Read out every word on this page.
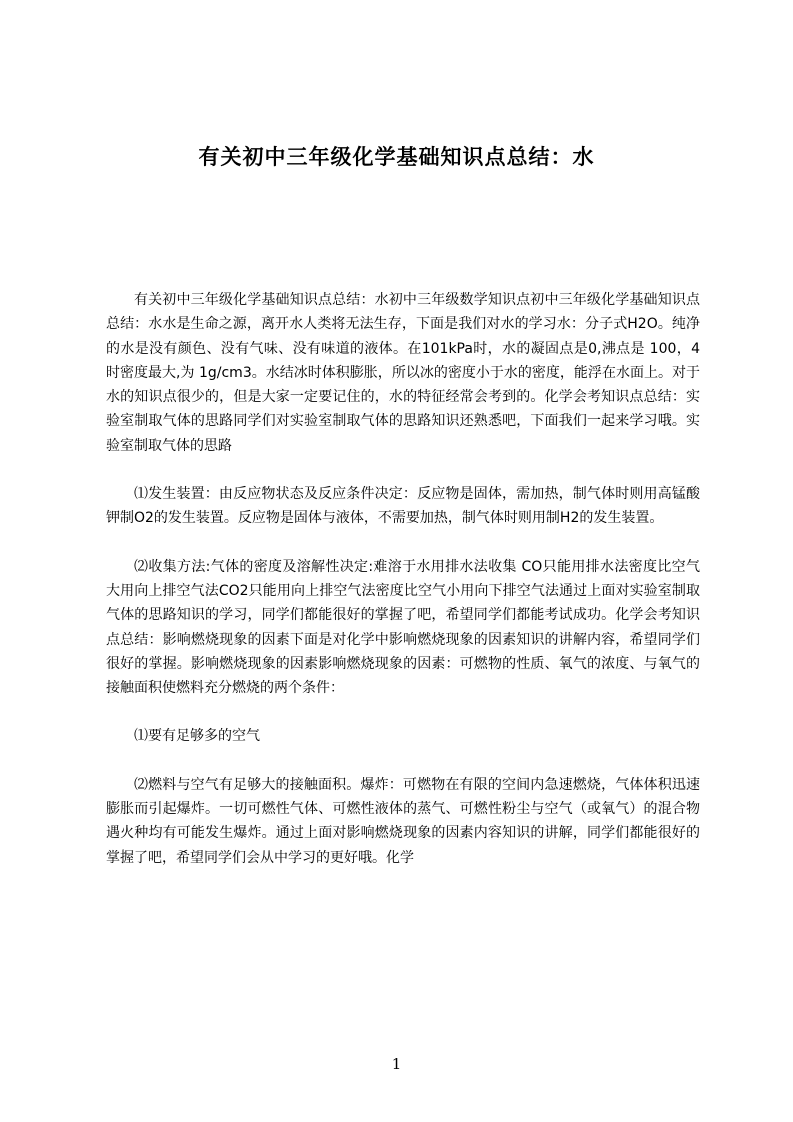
有关初中三年级化学基础知识点总结：水

有关初中三年级化学基础知识点总结：水初中三年级数学知识点初中三年级化学基础知识点总结：水水是生命之源，离开水人类将无法生存，下面是我们对水的学习水：分子式H2O。纯净的水是没有颜色、没有气味、没有味道的液体。在101kPa时，水的凝固点是0,沸点是 100，4时密度最大,为 1g/cm3。水结冰时体积膨胀，所以冰的密度小于水的密度，能浮在水面上。对于水的知识点很少的，但是大家一定要记住的，水的特征经常会考到的。化学会考知识点总结：实验室制取气体的思路同学们对实验室制取气体的思路知识还熟悉吧，下面我们一起来学习哦。实验室制取气体的思路

⑴发生装置：由反应物状态及反应条件决定：反应物是固体，需加热，制气体时则用高锰酸钾制O2的发生装置。反应物是固体与液体，不需要加热，制气体时则用制H2的发生装置。

⑵收集方法:气体的密度及溶解性决定:难溶于水用排水法收集 CO只能用排水法密度比空气大用向上排空气法CO2只能用向上排空气法密度比空气小用向下排空气法通过上面对实验室制取气体的思路知识的学习，同学们都能很好的掌握了吧，希望同学们都能考试成功。化学会考知识点总结：影响燃烧现象的因素下面是对化学中影响燃烧现象的因素知识的讲解内容，希望同学们很好的掌握。影响燃烧现象的因素影响燃烧现象的因素：可燃物的性质、氧气的浓度、与氧气的接触面积使燃料充分燃烧的两个条件：

⑴要有足够多的空气

⑵燃料与空气有足够大的接触面积。爆炸：可燃物在有限的空间内急速燃烧，气体体积迅速膨胀而引起爆炸。一切可燃性气体、可燃性液体的蒸气、可燃性粉尘与空气（或氧气）的混合物遇火种均有可能发生爆炸。通过上面对影响燃烧现象的因素内容知识的讲解，同学们都能很好的掌握了吧，希望同学们会从中学习的更好哦。化学

1
